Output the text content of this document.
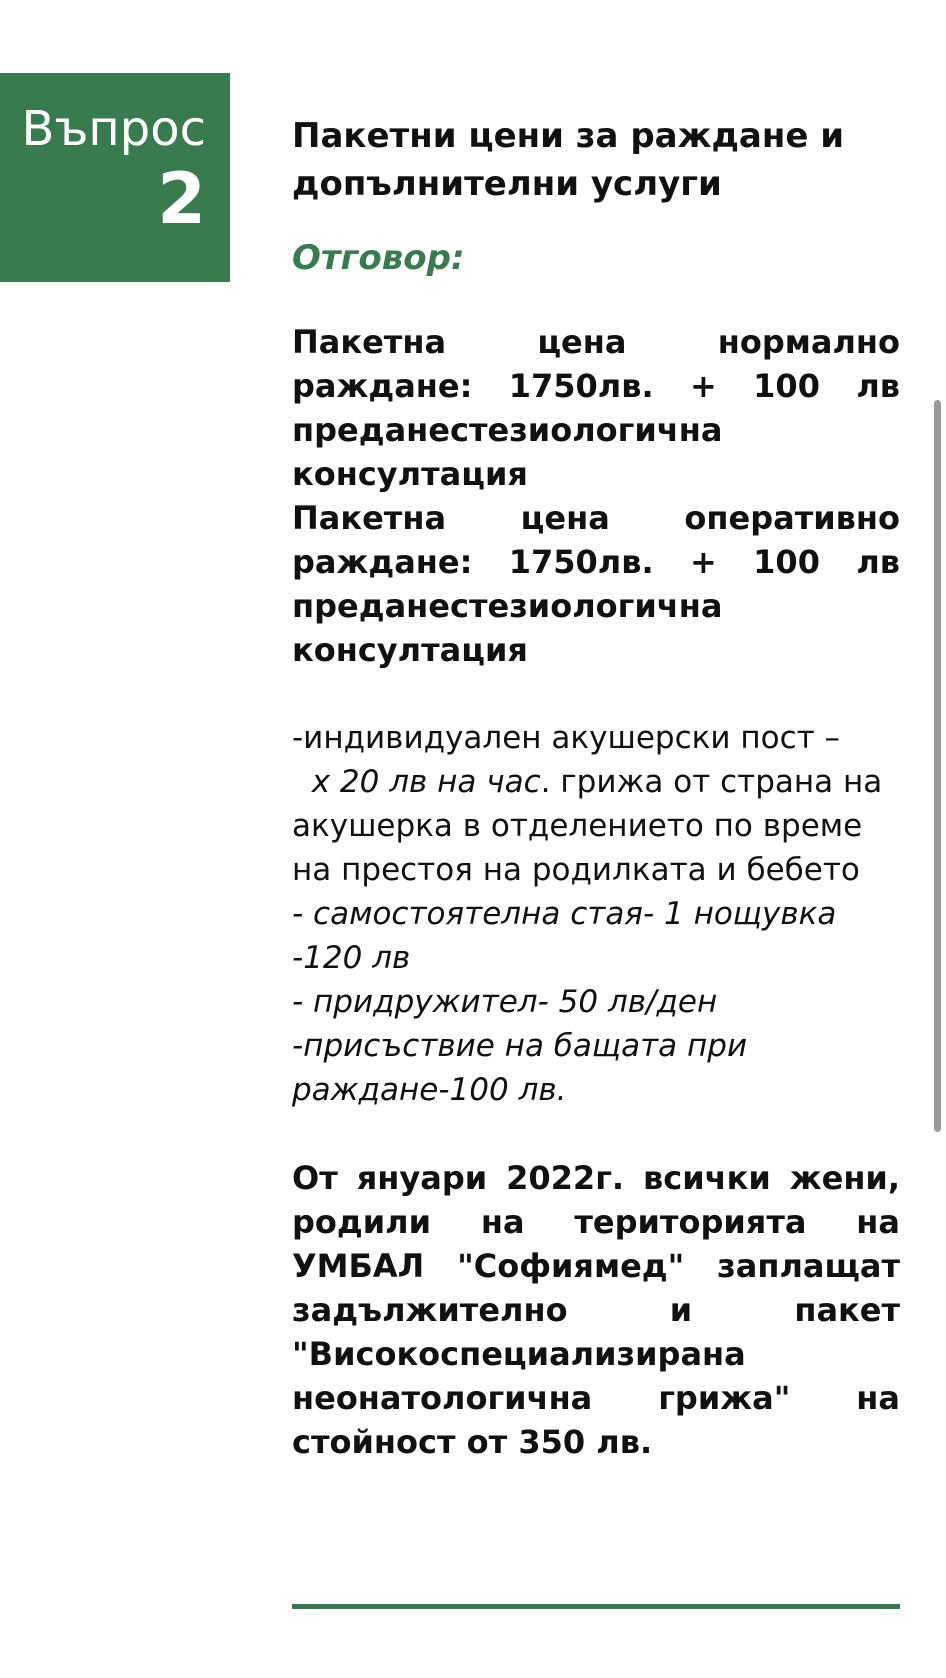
Въпрос
2
Пакетни цени за раждане и допълнителни услуги

Отговор:

Пакетна цена нормално раждане: 1750лв. + 100 лв преданестезиологична консултация
Пакетна цена оперативно раждане: 1750лв. + 100 лв преданестезиологична консултация
-индивидуален акушерски пост –
х 20 лв на час. грижа от страна на акушерка в отделението по време на престоя на родилката и бебето
- самостоятелна стая- 1 нощувка -120 лв
- придружител- 50 лв/ден
-присъствие на бащата при раждане-100 лв.

От януари 2022г. всички жени, родили на територията на УМБАЛ "Софиямед" заплащат задължително и пакет "Високоспециализирана неонатологична грижа" на стойност от 350 лв.
